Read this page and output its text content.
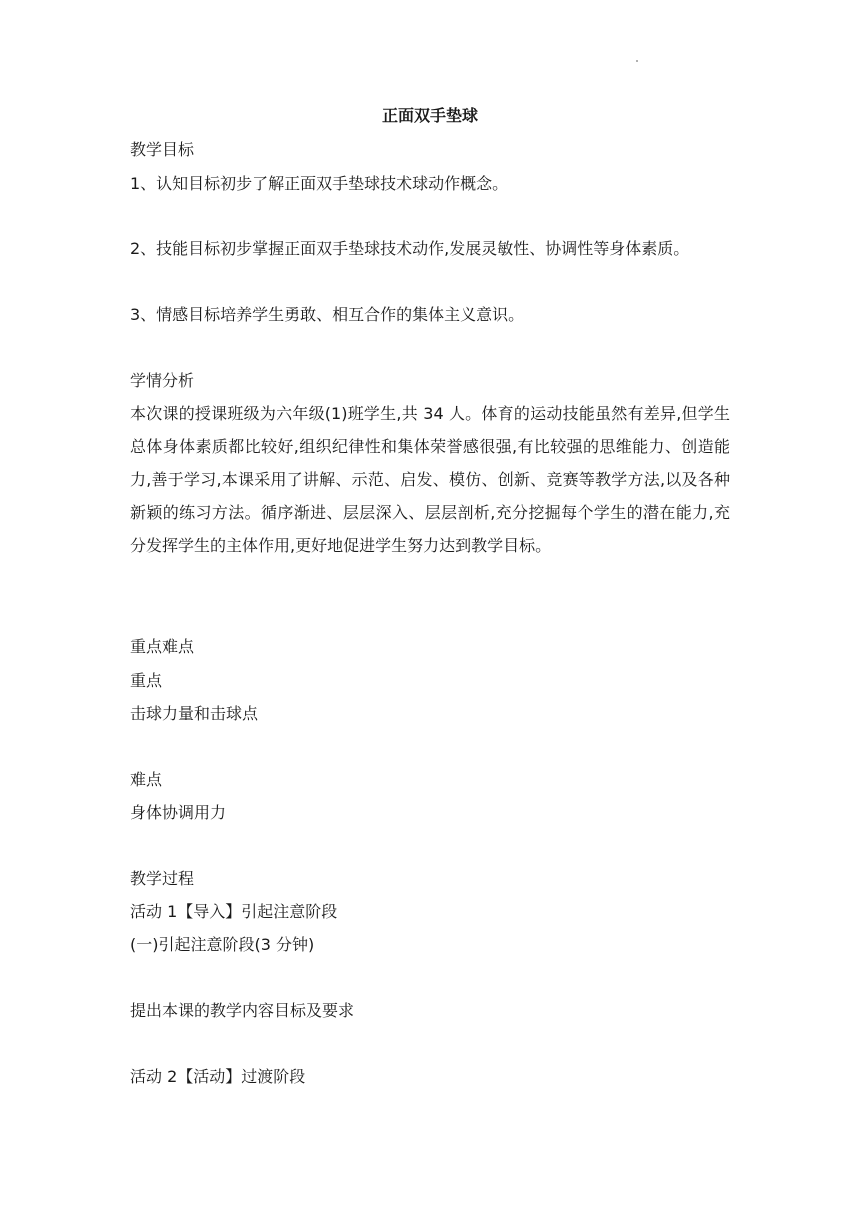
正面双手垫球
教学目标
1、认知目标初步了解正面双手垫球技术球动作概念。
2、技能目标初步掌握正面双手垫球技术动作,发展灵敏性、协调性等身体素质。
3、情感目标培养学生勇敢、相互合作的集体主义意识。
学情分析
本次课的授课班级为六年级(1)班学生,共 34 人。体育的运动技能虽然有差异,但学生总体身体素质都比较好,组织纪律性和集体荣誉感很强,有比较强的思维能力、创造能力,善于学习,本课采用了讲解、示范、启发、模仿、创新、竞赛等教学方法,以及各种新颖的练习方法。循序渐进、层层深入、层层剖析,充分挖掘每个学生的潜在能力,充分发挥学生的主体作用,更好地促进学生努力达到教学目标。
重点难点
重点
击球力量和击球点
难点
身体协调用力
教学过程
活动 1【导入】引起注意阶段
(一)引起注意阶段(3 分钟)
提出本课的教学内容目标及要求
活动 2【活动】过渡阶段
